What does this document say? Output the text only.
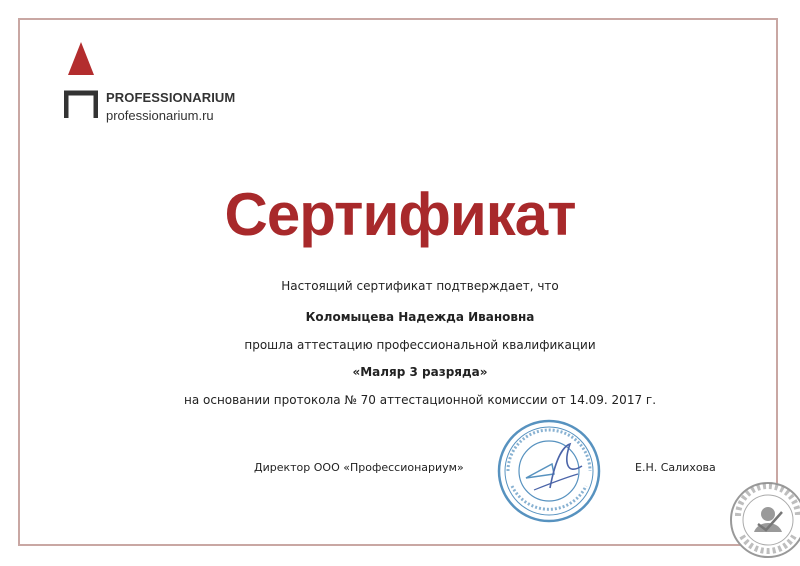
PROFESSIONARIUM
professionarium.ru
Сертификат
Настоящий сертификат подтверждает, что
Коломыцева Надежда Ивановна
прошла аттестацию профессиональной квалификации
«Маляр 3 разряда»
на основании протокола № 70 аттестационной комиссии от 14.09. 2017 г.
Директор ООО «Профессионариум»	Е.Н. Салихова
